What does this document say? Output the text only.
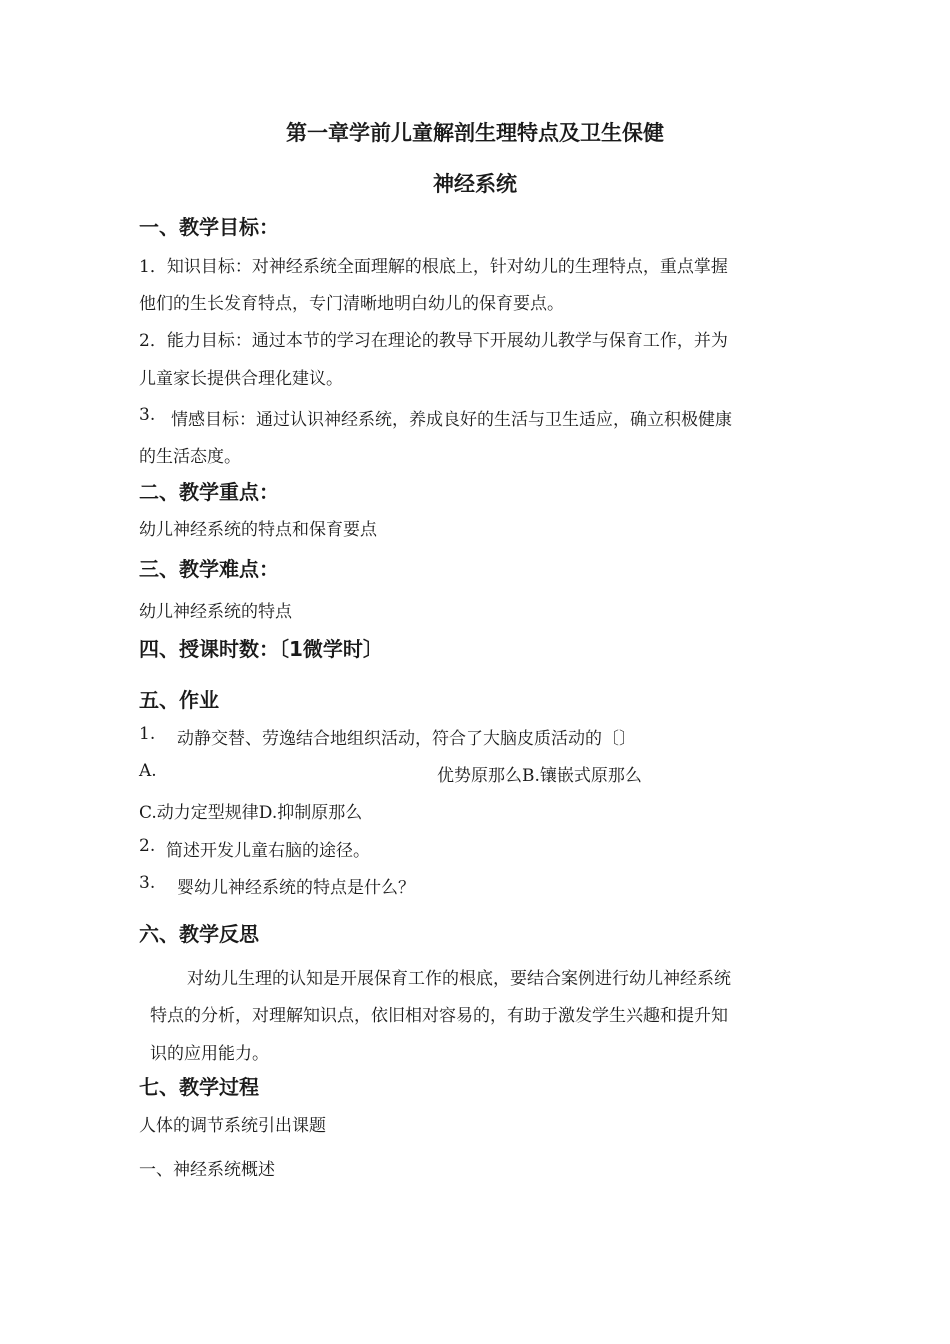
第一章学前儿童解剖生理特点及卫生保健
神经系统
一、教学目标：
1．知识目标：对神经系统全面理解的根底上，针对幼儿的生理特点，重点掌握
他们的生长发育特点，专门清晰地明白幼儿的保育要点。
2．能力目标：通过本节的学习在理论的教导下开展幼儿教学与保育工作，并为
儿童家长提供合理化建议。
3. 情感目标：通过认识神经系统，养成良好的生活与卫生适应，确立积极健康
的生活态度。
二、教学重点：
幼儿神经系统的特点和保育要点
三、教学难点：
幼儿神经系统的特点
四、授课时数：〔1微学时〕
五、作业
1. 动静交替、劳逸结合地组织活动，符合了大脑皮质活动的〔〕
A.	优势原那么B.镶嵌式原那么
C.动力定型规律D.抑制原那么
2. 简述开发儿童右脑的途径。
3. 婴幼儿神经系统的特点是什么？
六、教学反思
对幼儿生理的认知是开展保育工作的根底，要结合案例进行幼儿神经系统
特点的分析，对理解知识点，依旧相对容易的，有助于激发学生兴趣和提升知
识的应用能力。
七、教学过程
人体的调节系统引出课题
一、神经系统概述
